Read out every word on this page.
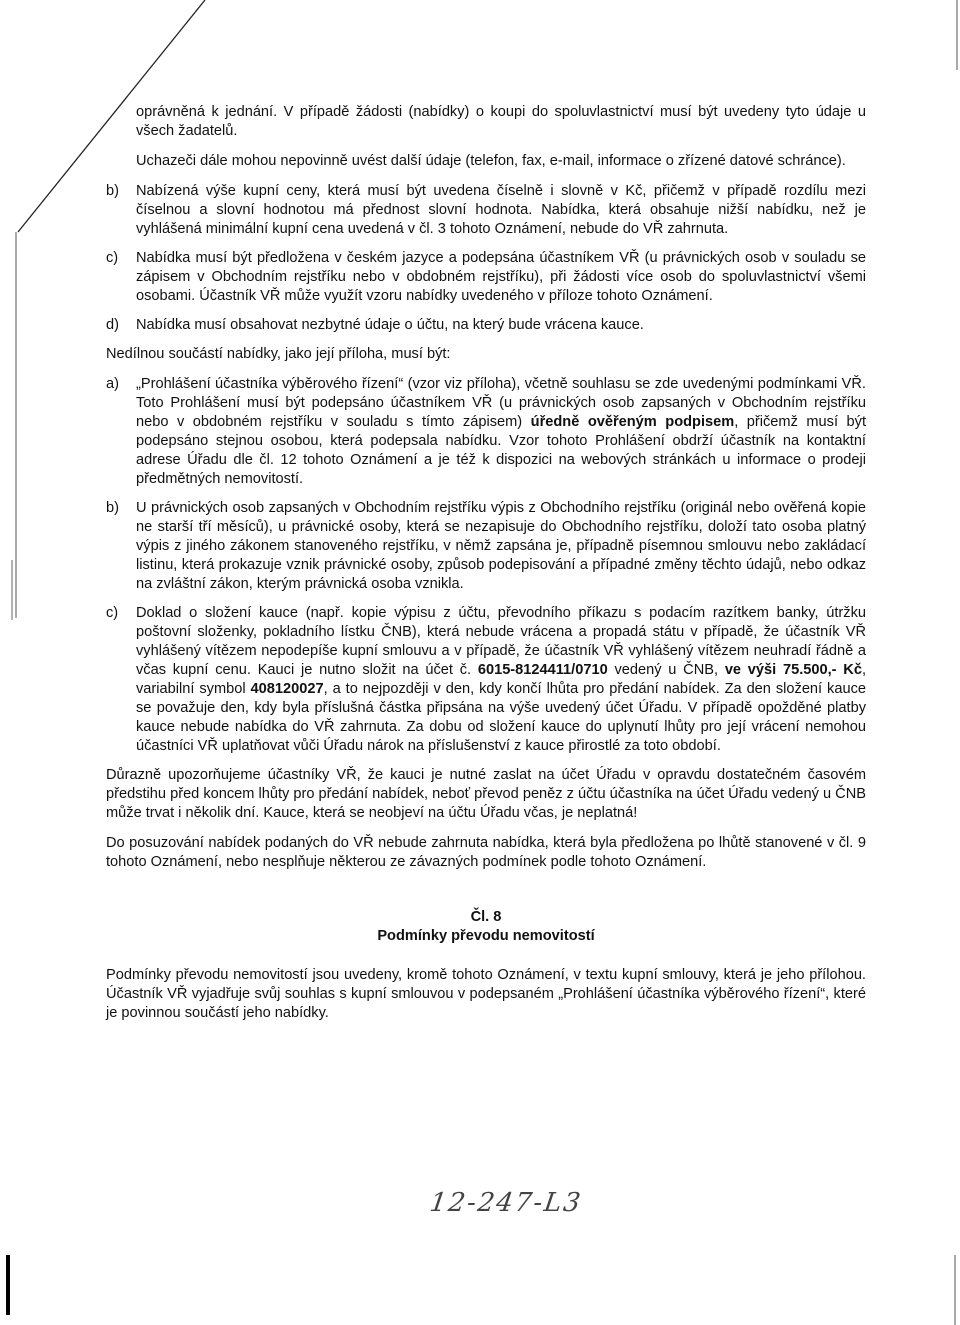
oprávněná k jednání. V případě žádosti (nabídky) o koupi do spoluvlastnictví musí být uvedeny tyto údaje u všech žadatelů.

Uchazeči dále mohou nepovinně uvést další údaje (telefon, fax, e-mail, informace o zřízené datové schránce).

b)	Nabízená výše kupní ceny, která musí být uvedena číselně i slovně v Kč, přičemž v případě rozdílu mezi číselnou a slovní hodnotou má přednost slovní hodnota. Nabídka, která obsahuje nižší nabídku, než je vyhlášená minimální kupní cena uvedená v čl. 3 tohoto Oznámení, nebude do VŘ zahrnuta.
c)	Nabídka musí být předložena v českém jazyce a podepsána účastníkem VŘ (u právnických osob v souladu se zápisem v Obchodním rejstříku nebo v obdobném rejstříku), při žádosti více osob do spoluvlastnictví všemi osobami. Účastník VŘ může využít vzoru nabídky uvedeného v příloze tohoto Oznámení.
d)	Nabídka musí obsahovat nezbytné údaje o účtu, na který bude vrácena kauce.

Nedílnou součástí nabídky, jako její příloha, musí být:

a)	„Prohlášení účastníka výběrového řízení“ (vzor viz příloha), včetně souhlasu se zde uvedenými podmínkami VŘ. Toto Prohlášení musí být podepsáno účastníkem VŘ (u právnických osob zapsaných v Obchodním rejstříku nebo v obdobném rejstříku v souladu s tímto zápisem) úředně ověřeným podpisem, přičemž musí být podepsáno stejnou osobou, která podepsala nabídku. Vzor tohoto Prohlášení obdrží účastník na kontaktní adrese Úřadu dle čl. 12 tohoto Oznámení a je též k dispozici na webových stránkách u informace o prodeji předmětných nemovitostí.
b)	U právnických osob zapsaných v Obchodním rejstříku výpis z Obchodního rejstříku (originál nebo ověřená kopie ne starší tří měsíců), u právnické osoby, která se nezapisuje do Obchodního rejstříku, doloží tato osoba platný výpis z jiného zákonem stanoveného rejstříku, v němž zapsána je, případně písemnou smlouvu nebo zakládací listinu, která prokazuje vznik právnické osoby, způsob podepisování a případné změny těchto údajů, nebo odkaz na zvláštní zákon, kterým právnická osoba vznikla.
c)	Doklad o složení kauce (např. kopie výpisu z účtu, převodního příkazu s podacím razítkem banky, útržku poštovní složenky, pokladního lístku ČNB), která nebude vrácena a propadá státu v případě, že účastník VŘ vyhlášený vítězem nepodepíše kupní smlouvu a v případě, že účastník VŘ vyhlášený vítězem neuhradí řádně a včas kupní cenu. Kauci je nutno složit na účet č. 6015-8124411/0710 vedený u ČNB, ve výši 75.500,- Kč, variabilní symbol 408120027, a to nejpozději v den, kdy končí lhůta pro předání nabídek. Za den složení kauce se považuje den, kdy byla příslušná částka připsána na výše uvedený účet Úřadu. V případě opožděné platby kauce nebude nabídka do VŘ zahrnuta. Za dobu od složení kauce do uplynutí lhůty pro její vrácení nemohou účastníci VŘ uplatňovat vůči Úřadu nárok na příslušenství z kauce přirostlé za toto období.

Důrazně upozorňujeme účastníky VŘ, že kauci je nutné zaslat na účet Úřadu v opravdu dostatečném časovém předstihu před koncem lhůty pro předání nabídek, neboť převod peněz z účtu účastníka na účet Úřadu vedený u ČNB může trvat i několik dní. Kauce, která se neobjeví na účtu Úřadu včas, je neplatná!

Do posuzování nabídek podaných do VŘ nebude zahrnuta nabídka, která byla předložena po lhůtě stanovené v čl. 9 tohoto Oznámení, nebo nesplňuje některou ze závazných podmínek podle tohoto Oznámení.

Čl. 8

Podmínky převodu nemovitostí

Podmínky převodu nemovitostí jsou uvedeny, kromě tohoto Oznámení, v textu kupní smlouvy, která je jeho přílohou. Účastník VŘ vyjadřuje svůj souhlas s kupní smlouvou v podepsaném „Prohlášení účastníka výběrového řízení“, které je povinnou součástí jeho nabídky.

12-247-L3
